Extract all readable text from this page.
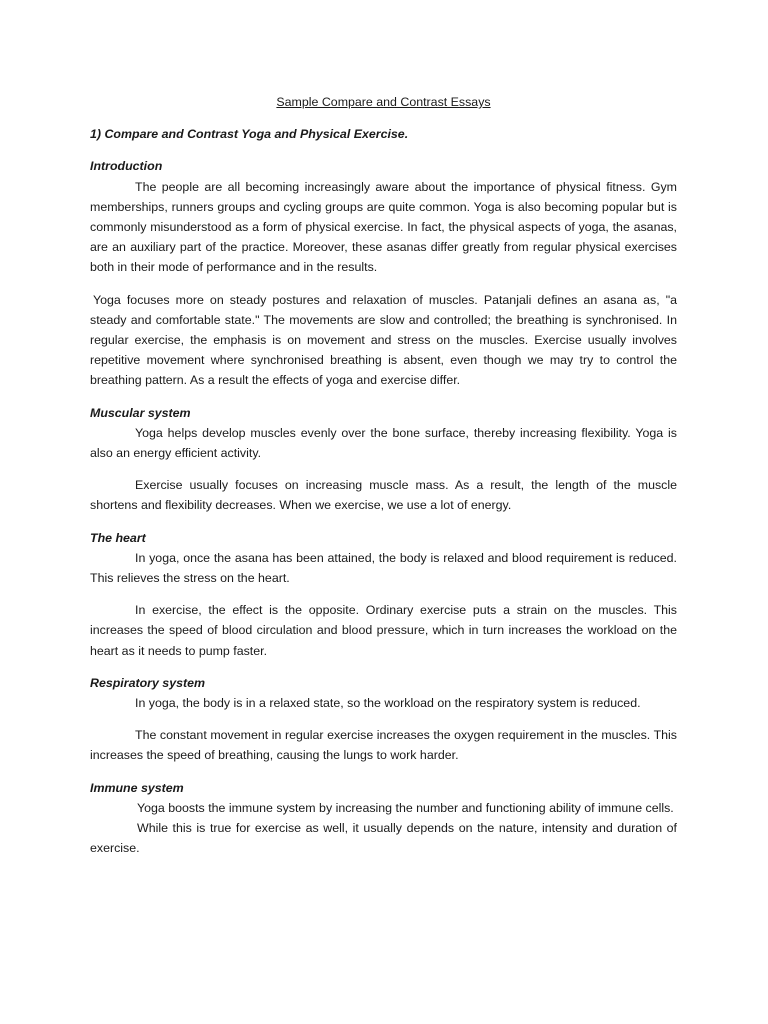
Sample Compare and Contrast Essays

1) Compare and Contrast Yoga and Physical Exercise.

Introduction

The people are all becoming increasingly aware about the importance of physical fitness. Gym memberships, runners groups and cycling groups are quite common. Yoga is also becoming popular but is commonly misunderstood as a form of physical exercise. In fact, the physical aspects of yoga, the asanas, are an auxiliary part of the practice. Moreover, these asanas differ greatly from regular physical exercises both in their mode of performance and in the results.

Yoga focuses more on steady postures and relaxation of muscles. Patanjali defines an asana as, "a steady and comfortable state." The movements are slow and controlled; the breathing is synchronised. In regular exercise, the emphasis is on movement and stress on the muscles. Exercise usually involves repetitive movement where synchronised breathing is absent, even though we may try to control the breathing pattern. As a result the effects of yoga and exercise differ.

Muscular system

Yoga helps develop muscles evenly over the bone surface, thereby increasing flexibility. Yoga is also an energy efficient activity.

Exercise usually focuses on increasing muscle mass. As a result, the length of the muscle shortens and flexibility decreases. When we exercise, we use a lot of energy.

The heart

In yoga, once the asana has been attained, the body is relaxed and blood requirement is reduced. This relieves the stress on the heart.

In exercise, the effect is the opposite. Ordinary exercise puts a strain on the muscles. This increases the speed of blood circulation and blood pressure, which in turn increases the workload on the heart as it needs to pump faster.

Respiratory system

In yoga, the body is in a relaxed state, so the workload on the respiratory system is reduced.

The constant movement in regular exercise increases the oxygen requirement in the muscles. This increases the speed of breathing, causing the lungs to work harder.

Immune system

Yoga boosts the immune system by increasing the number and functioning ability of immune cells.

While this is true for exercise as well, it usually depends on the nature, intensity and duration of exercise.
